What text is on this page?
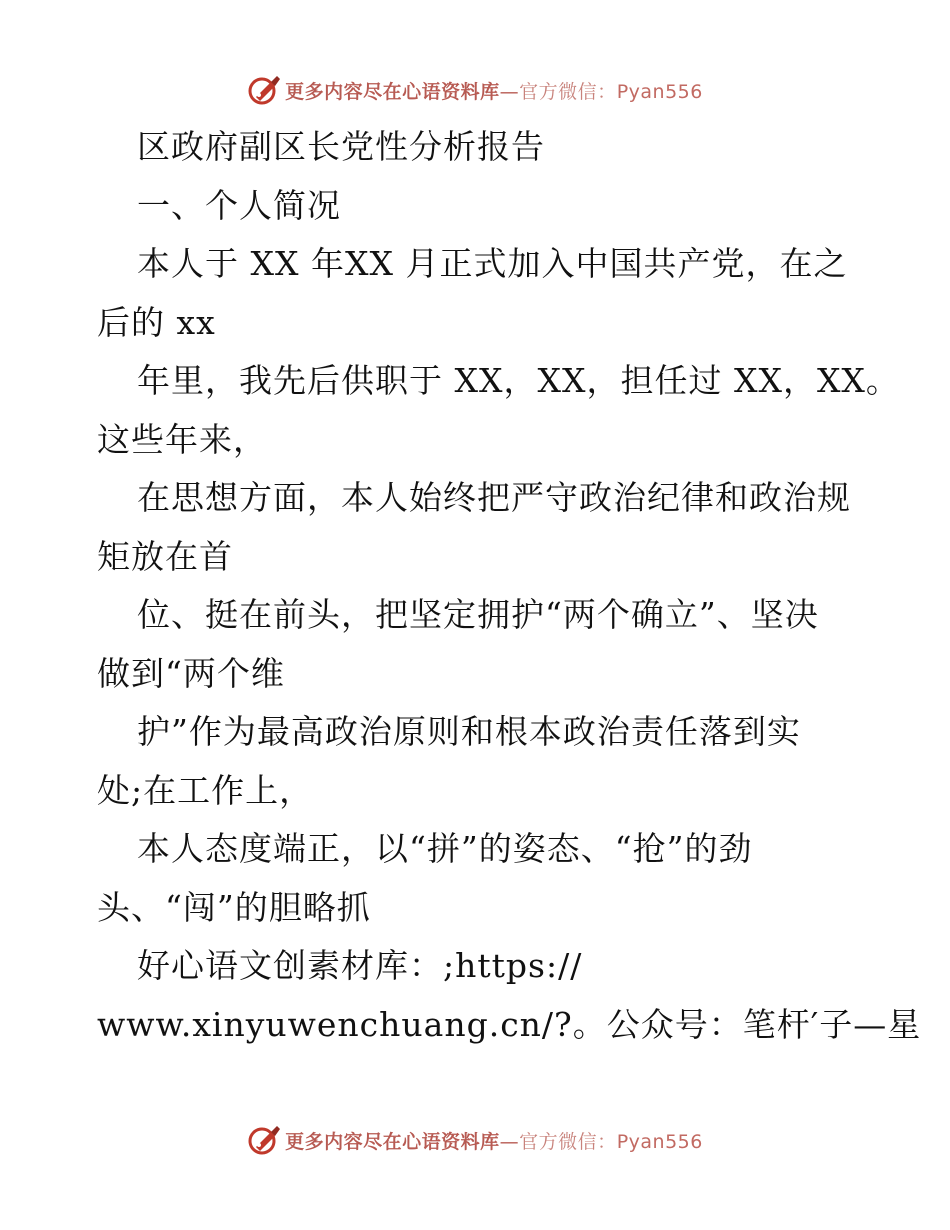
更多内容尽在心语资料库—官方微信：Pyan556
区政府副区长党性分析报告
一、个人简况
本人于 XX 年XX 月正式加入中国共产党，在之
后的 xx
年里，我先后供职于 XX，XX，担任过 XX，XX。
这些年来，
在思想方面，本人始终把严守政治纪律和政治规
矩放在首
位、挺在前头，把坚定拥护“两个确立”、坚决
做到“两个维
护”作为最高政治原则和根本政治责任落到实
处;在工作上，
本人态度端正，以“拼”的姿态、“抢”的劲
头、“闯”的胆略抓
好心语文创素材库：;https://
www.xinyuwenchuang.cn/?。公众号：笔杆′子—星
更多内容尽在心语资料库—官方微信：Pyan556
